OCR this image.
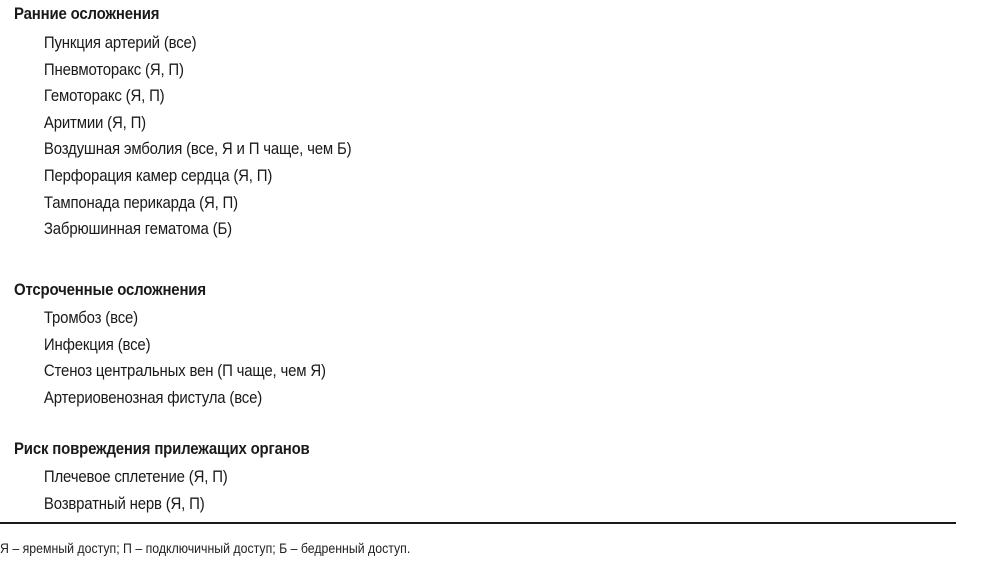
Ранние осложнения
Пункция артерий (все)
Пневмоторакс (Я, П)
Гемоторакс (Я, П)
Аритмии (Я, П)
Воздушная эмболия (все, Я и П чаще, чем Б)
Перфорация камер сердца (Я, П)
Тампонада перикарда (Я, П)
Забрюшинная гематома (Б)
Отсроченные осложнения
Тромбоз (все)
Инфекция (все)
Стеноз центральных вен (П чаще, чем Я)
Артериовенозная фистула (все)
Риск повреждения прилежащих органов
Плечевое сплетение (Я, П)
Возвратный нерв (Я, П)
Я – яремный доступ; П – подключичный доступ; Б – бедренный доступ.
